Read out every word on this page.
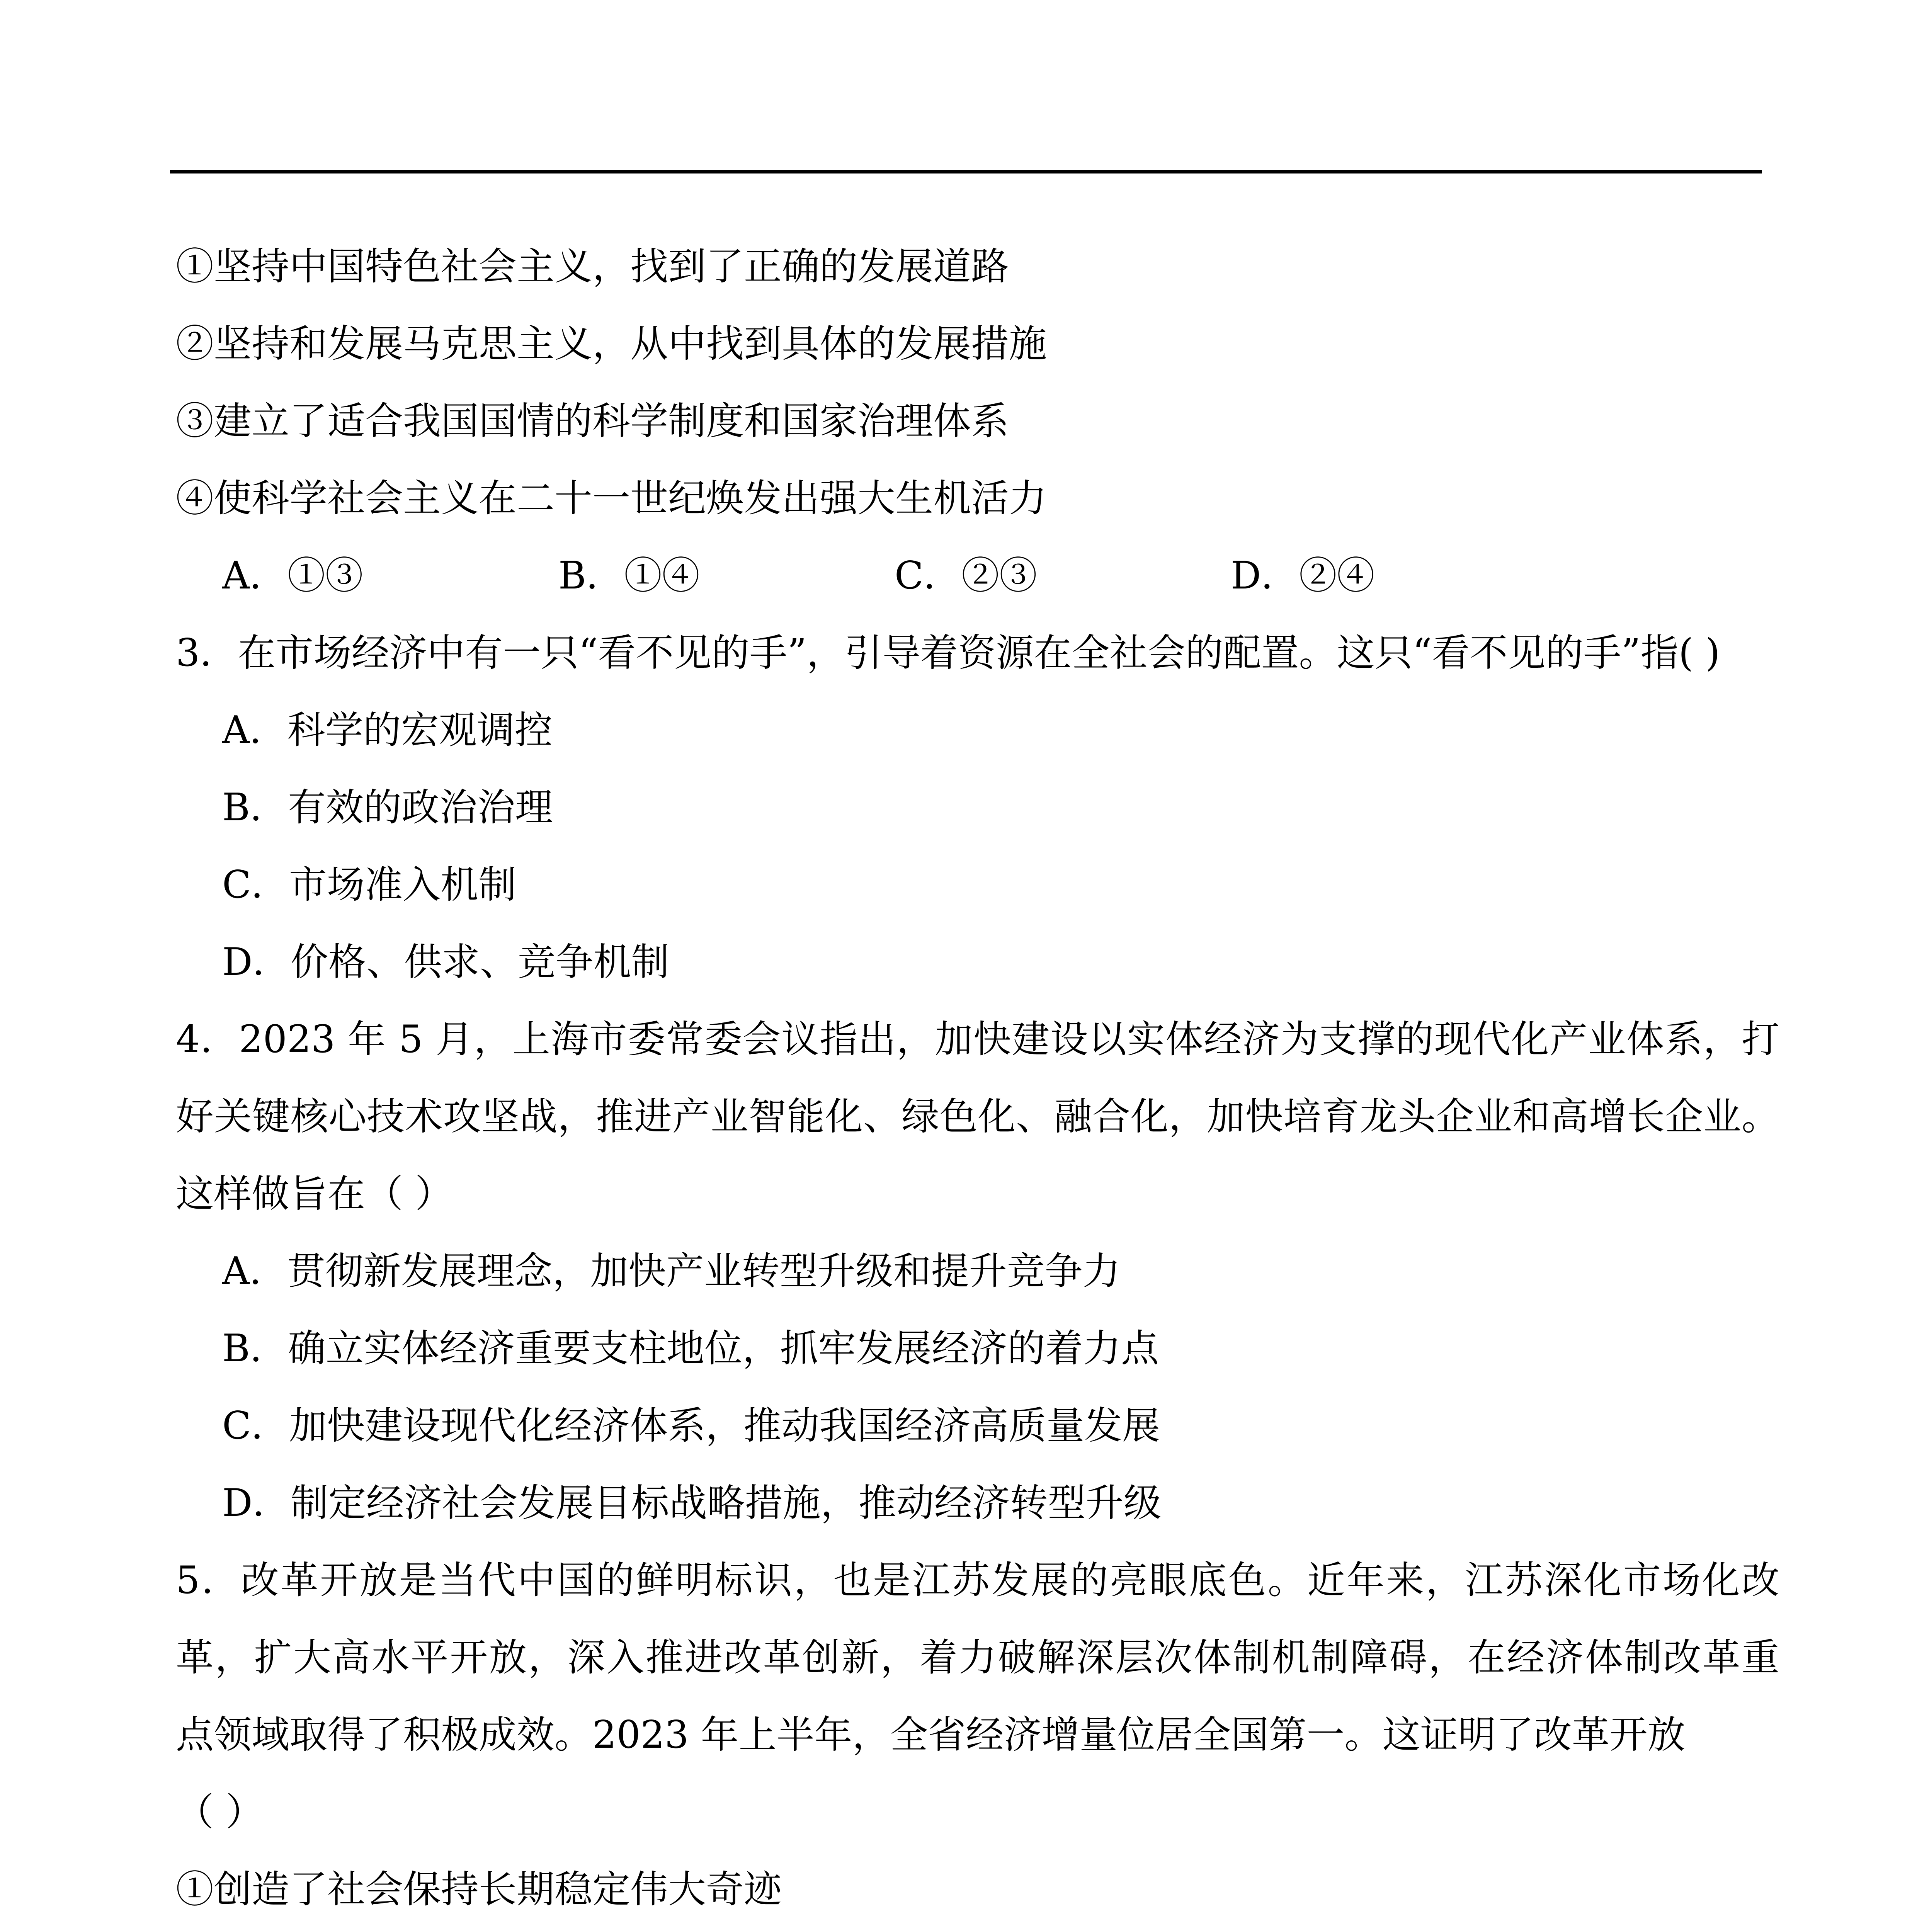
①坚持中国特色社会主义，找到了正确的发展道路
②坚持和发展马克思主义，从中找到具体的发展措施
③建立了适合我国国情的科学制度和国家治理体系
④使科学社会主义在二十一世纪焕发出强大生机活力
A．①③	B．①④	C．②③	D．②④
3．在市场经济中有一只“看不见的手”，引导着资源在全社会的配置。这只“看不见的手”指( )
A．科学的宏观调控
B．有效的政治治理
C．市场准入机制
D．价格、供求、竞争机制
4．2023 年 5 月，上海市委常委会议指出，加快建设以实体经济为支撑的现代化产业体系，打
好关键核心技术攻坚战，推进产业智能化、绿色化、融合化，加快培育龙头企业和高增长企业。
这样做旨在（ ）
A．贯彻新发展理念，加快产业转型升级和提升竞争力
B．确立实体经济重要支柱地位，抓牢发展经济的着力点
C．加快建设现代化经济体系，推动我国经济高质量发展
D．制定经济社会发展目标战略措施，推动经济转型升级
5．改革开放是当代中国的鲜明标识，也是江苏发展的亮眼底色。近年来，江苏深化市场化改
革，扩大高水平开放，深入推进改革创新，着力破解深层次体制机制障碍，在经济体制改革重
点领域取得了积极成效。2023 年上半年，全省经济增量位居全国第一。这证明了改革开放
（ ）
①创造了社会保持长期稳定伟大奇迹
